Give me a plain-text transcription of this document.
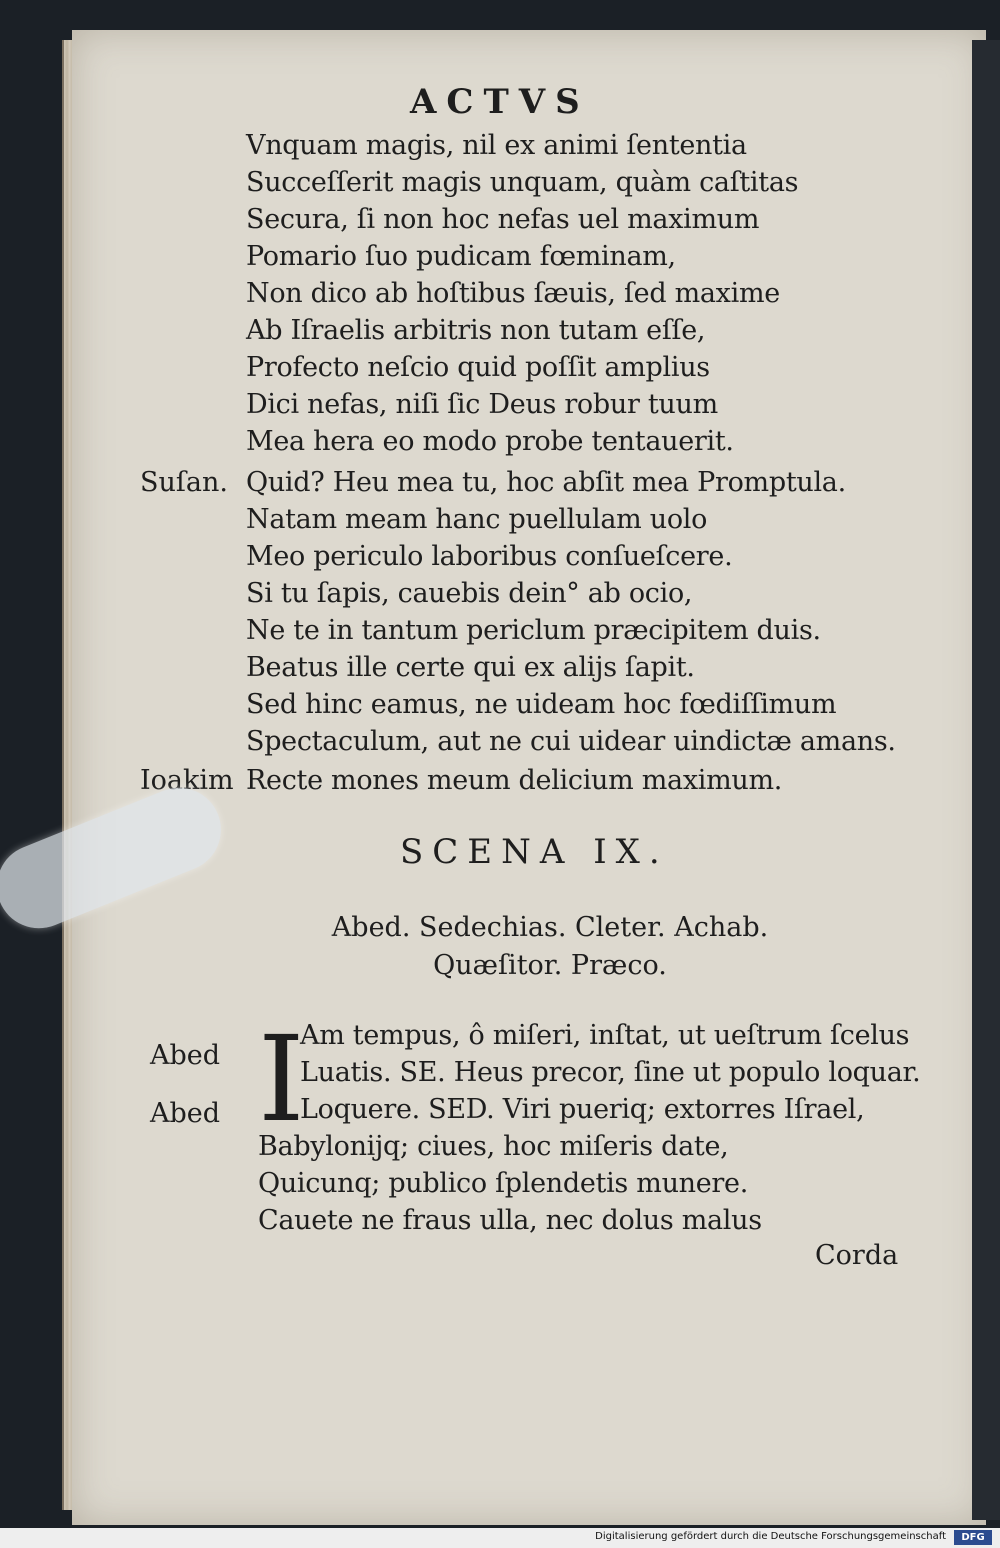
ACTVS
Vnquam magis, nil ex animi ſententia
Succeſſerit magis unquam, quàm caſtitas
Secura, ſi non hoc nefas uel maximum
Pomario ſuo pudicam fœminam,
Non dico ab hoſtibus ſæuis, ſed maxime
Ab Iſraelis arbitris non tutam eſſe,
Profecto neſcio quid poſſit amplius
Dici nefas, niſi ſic Deus robur tuum
Mea hera eo modo probe tentauerit.
Suſan. Quid? Heu mea tu, hoc abſit mea Promptula.
Natam meam hanc puellulam uolo
Meo periculo laboribus conſueſcere.
Si tu ſapis, cauebis dein° ab ocio,
Ne te in tantum periclum præcipitem duis.
Beatus ille certe qui ex alijs ſapit.
Sed hinc eamus, ne uideam hoc fœdiſſimum
Spectaculum, aut ne cui uidear uindictæ amans.
Ioakim Recte mones meum delicium maximum.
SCENA IX.
Abed. Sedechias. Cleter. Achab.
Quæſitor. Præco.
I
Abed
Am tempus, ô miſeri, inſtat, ut ueſtrum ſcelus
Luatis. SE. Heus precor, ſine ut populo loquar.
Abed	Loquere. SED. Viri pueriq; extorres Iſrael,
Babylonijq; ciues, hoc miſeris date,
Quicunq; publico ſplendetis munere.
Cauete ne fraus ulla, nec dolus malus
Corda
Digitalisierung gefördert durch die Deutsche Forschungsgemeinschaft	DFG
